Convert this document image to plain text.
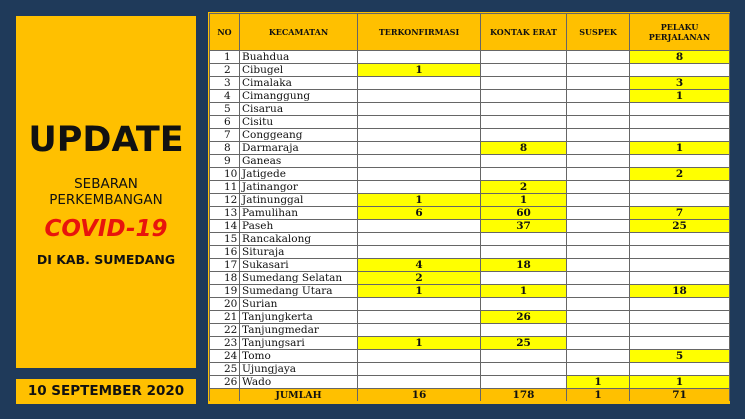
UPDATE
SEBARAN
PERKEMBANGAN
COVID-19
DI KAB. SUMEDANG
10 SEPTEMBER 2020
NO	KECAMATAN	TERKONFIRMASI	KONTAK ERAT	SUSPEK	PELAKU PERJALANAN
1	Buahdua				8
2	Cibugel	1			
3	Cimalaka				3
4	Cimanggung				1
5	Cisarua				
6	Cisitu				
7	Conggeang				
8	Darmaraja		8		1
9	Ganeas				
10	Jatigede				2
11	Jatinangor		2		
12	Jatinunggal	1	1		
13	Pamulihan	6	60		7
14	Paseh		37		25
15	Rancakalong				
16	Situraja				
17	Sukasari	4	18		
18	Sumedang Selatan	2			
19	Sumedang Utara	1	1		18
20	Surian				
21	Tanjungkerta		26		
22	Tanjungmedar				
23	Tanjungsari	1	25		
24	Tomo				5
25	Ujungjaya				
26	Wado			1	1
	JUMLAH	16	178	1	71
